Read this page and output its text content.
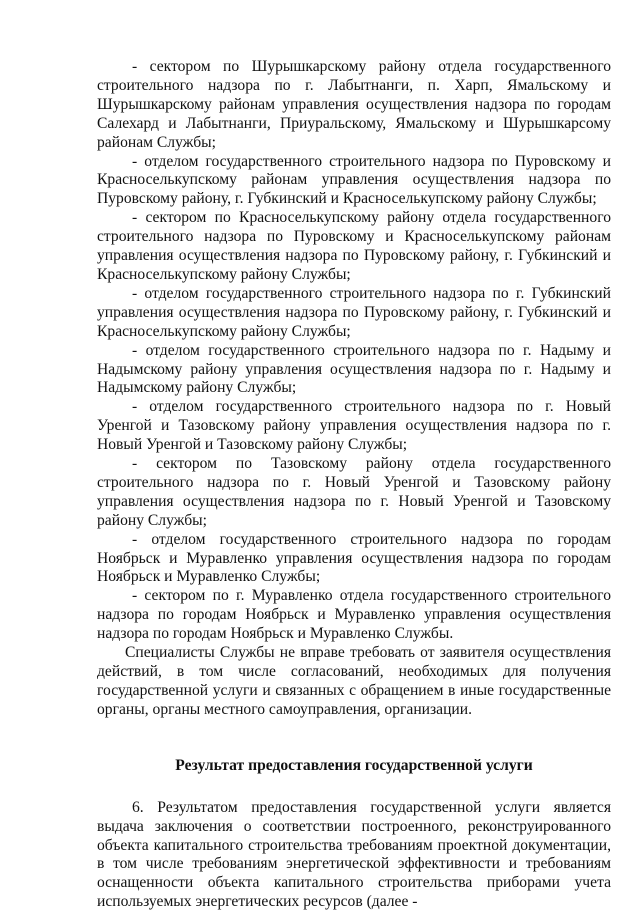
- сектором по Шурышкарскому району отдела государственного строительного надзора по г. Лабытнанги, п. Харп, Ямальскому и Шурышкарскому районам управления осуществления надзора по городам Салехард и Лабытнанги, Приуральскому, Ямальскому и Шурышкарсому районам Службы;

- отделом государственного строительного надзора по Пуровскому и Красноселькупскому районам управления осуществления надзора по Пуровскому району, г. Губкинский и Красноселькупскому району Службы;

- сектором по Красноселькупскому району отдела государственного строительного надзора по Пуровскому и Красноселькупскому районам управления осуществления надзора по Пуровскому району, г. Губкинский и Красноселькупскому району Службы;

- отделом государственного строительного надзора по г. Губкинский управления осуществления надзора по Пуровскому району, г. Губкинский и Красноселькупскому району Службы;

- отделом государственного строительного надзора по г. Надыму и Надымскому району управления осуществления надзора по г. Надыму и Надымскому району Службы;

- отделом государственного строительного надзора по г. Новый Уренгой и Тазовскому району управления осуществления надзора по г. Новый Уренгой и Тазовскому району Службы;

- сектором по Тазовскому району отдела государственного строительного надзора по г. Новый Уренгой и Тазовскому району управления осуществления надзора по г. Новый Уренгой и Тазовскому району Службы;

- отделом государственного строительного надзора по городам Ноябрьск и Муравленко управления осуществления надзора по городам Ноябрьск и Муравленко Службы;

- сектором по г. Муравленко отдела государственного строительного надзора по городам Ноябрьск и Муравленко управления осуществления надзора по городам Ноябрьск и Муравленко Службы.

Специалисты Службы не вправе требовать от заявителя осуществления действий, в том числе согласований, необходимых для получения государственной услуги и связанных с обращением в иные государственные органы, органы местного самоуправления, организации.

Результат предоставления государственной услуги

6. Результатом предоставления государственной услуги является выдача заключения о соответствии построенного, реконструированного объекта капитального строительства требованиям проектной документации, в том числе требованиям энергетической эффективности и требованиям оснащенности объекта капитального строительства приборами учета используемых энергетических ресурсов (далее -
